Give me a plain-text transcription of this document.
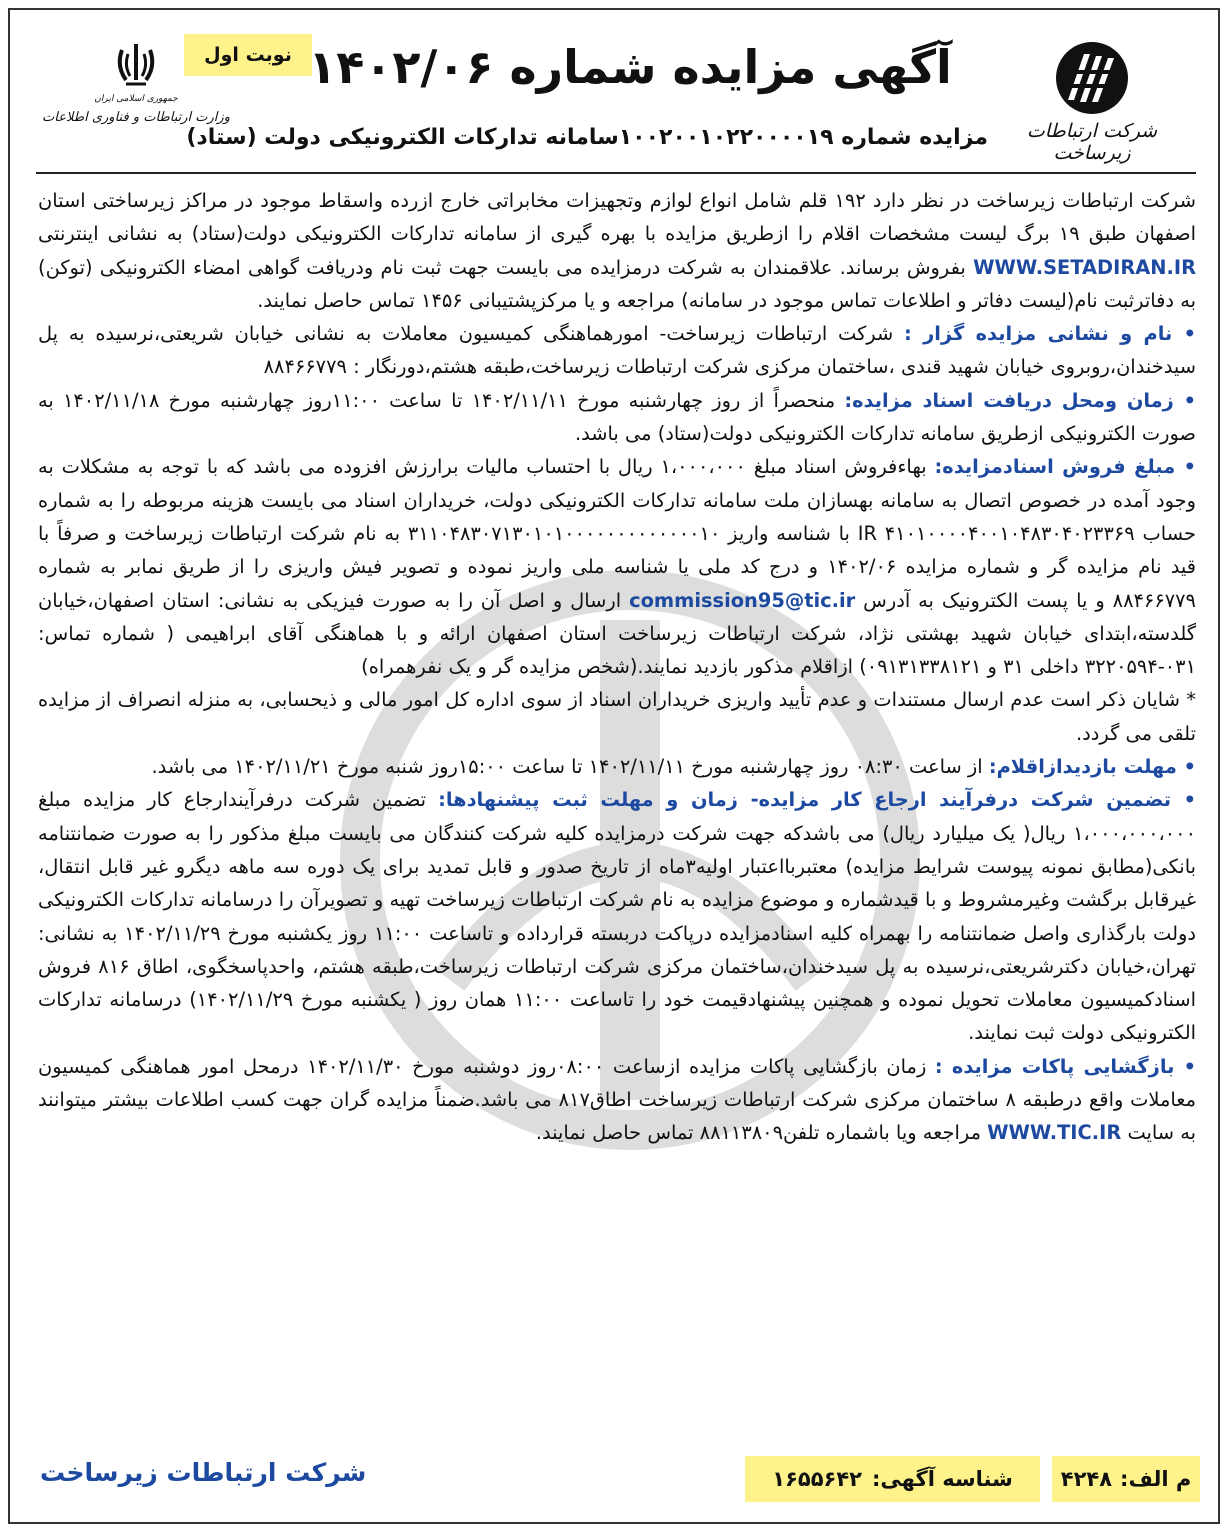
جمهوری اسلامی ایران
وزارت ارتباطات و فناوری اطلاعات
نوبت اول آگهی مزایده شماره ۱۴۰۲/۰۶
مزایده شماره ۱۰۰۲۰۰۱۰۲۲۰۰۰۰۱۹سامانه تدارکات الکترونیکی دولت (ستاد)	شرکت ارتباطات زیرساخت

شرکت ارتباطات زیرساخت در نظر دارد ۱۹۲ قلم شامل انواع لوازم وتجهیزات مخابراتی خارج ازرده واسقاط موجود در مراکز زیرساختی استان اصفهان طبق ۱۹ برگ لیست مشخصات اقلام را ازطریق مزایده با بهره گیری از سامانه تدارکات الکترونیکی دولت(ستاد) به نشانی اینترنتی WWW.SETADIRAN.IR بفروش برساند. علاقمندان به شرکت درمزایده می بایست جهت ثبت نام ودریافت گواهی امضاء الکترونیکی (توکن) به دفاترثبت نام(لیست دفاتر و اطلاعات تماس موجود در سامانه) مراجعه و یا مرکزپشتیبانی ۱۴۵۶ تماس حاصل نمایند.

• نام و نشانی مزایده گزار : شرکت ارتباطات زیرساخت- امورهماهنگی کمیسیون معاملات به نشانی خیابان شریعتی،نرسیده به پل سیدخندان،روبروی خیابان شهید قندی ،ساختمان مرکزی شرکت ارتباطات زیرساخت،طبقه هشتم،دورنگار : ۸۸۴۶۶۷۷۹

• زمان ومحل دریافت اسناد مزایده: منحصراً از روز چهارشنبه مورخ ۱۴۰۲/۱۱/۱۱ تا ساعت ۱۱:۰۰روز چهارشنبه مورخ ۱۴۰۲/۱۱/۱۸ به صورت الکترونیکی ازطریق سامانه تدارکات الکترونیکی دولت(ستاد) می باشد.

• مبلغ فروش اسنادمزایده: بهاءفروش اسناد مبلغ ۱،۰۰۰،۰۰۰ ریال با احتساب مالیات برارزش افزوده می باشد که با توجه به مشکلات به وجود آمده در خصوص اتصال به سامانه بهسازان ملت سامانه تدارکات الکترونیکی دولت، خریداران اسناد می بایست هزینه مربوطه را به شماره حساب IR ۴۱۰۱۰۰۰۰۴۰۰۱۰۴۸۳۰۴۰۲۳۳۶۹ با شناسه واریز ۳۱۱۰۴۸۳۰۷۱۳۰۱۰۱۰۰۰۰۰۰۰۰۰۰۰۰۰۱۰ به نام شرکت ارتباطات زیرساخت و صرفاً با قید نام مزایده گر و شماره مزایده ۱۴۰۲/۰۶ و درج کد ملی یا شناسه ملی واریز نموده و تصویر فیش واریزی را از طریق نمابر به شماره ۸۸۴۶۶۷۷۹ و یا پست الکترونیک به آدرس commission95@tic.ir ارسال و اصل آن را به صورت فیزیکی به نشانی: استان اصفهان،خیابان گلدسته،ابتدای خیابان شهید بهشتی نژاد، شرکت ارتباطات زیرساخت استان اصفهان ارائه و با هماهنگی آقای ابراهیمی ( شماره تماس: ۰۳۱-۳۲۲۰۵۹۴ داخلی ۳۱ و ۰۹۱۳۱۳۳۸۱۲۱) ازاقلام مذکور بازدید نمایند.(شخص مزایده گر و یک نفرهمراه)

* شایان ذکر است عدم ارسال مستندات و عدم تأیید واریزی خریداران اسناد از سوی اداره کل امور مالی و ذیحسابی، به منزله انصراف از مزایده تلقی می گردد.

• مهلت بازدیدازاقلام: از ساعت ۰۸:۳۰ روز چهارشنبه مورخ ۱۴۰۲/۱۱/۱۱ تا ساعت ۱۵:۰۰روز شنبه مورخ ۱۴۰۲/۱۱/۲۱ می باشد.

• تضمین شرکت درفرآیند ارجاع کار مزایده- زمان و مهلت ثبت پیشنهادها: تضمین شرکت درفرآیندارجاع کار مزایده مبلغ ۱،۰۰۰،۰۰۰،۰۰۰ ریال( یک میلیارد ریال) می باشدکه جهت شرکت درمزایده کلیه شرکت کنندگان می بایست مبلغ مذکور را به صورت ضمانتنامه بانکی(مطابق نمونه پیوست شرایط مزایده) معتبربااعتبار اولیه۳ماه از تاریخ صدور و قابل تمدید برای یک دوره سه ماهه دیگرو غیر قابل انتقال، غیرقابل برگشت وغیرمشروط و با قیدشماره و موضوع مزایده به نام شرکت ارتباطات زیرساخت تهیه و تصویرآن را درسامانه تدارکات الکترونیکی دولت بارگذاری واصل ضمانتنامه را بهمراه کلیه اسنادمزایده درپاکت دربسته قرارداده و تاساعت ۱۱:۰۰ روز یکشنبه مورخ ۱۴۰۲/۱۱/۲۹ به نشانی: تهران،خیابان دکترشریعتی،نرسیده به پل سیدخندان،ساختمان مرکزی شرکت ارتباطات زیرساخت،طبقه هشتم، واحدپاسخگوی، اطاق ۸۱۶ فروش اسنادکمیسیون معاملات تحویل نموده و همچنین پیشنهادقیمت خود را تاساعت ۱۱:۰۰ همان روز ( یکشنبه مورخ ۱۴۰۲/۱۱/۲۹) درسامانه تدارکات الکترونیکی دولت ثبت نمایند.

• بازگشایی پاکات مزایده : زمان بازگشایی پاکات مزایده ازساعت ۰۸:۰۰روز دوشنبه مورخ ۱۴۰۲/۱۱/۳۰ درمحل امور هماهنگی کمیسیون معاملات واقع درطبقه ۸ ساختمان مرکزی شرکت ارتباطات زیرساخت اطاق۸۱۷ می باشد.ضمناً مزایده گران جهت کسب اطلاعات بیشتر میتوانند به سایت WWW.TIC.IR مراجعه ویا باشماره تلفن۸۸۱۱۳۸۰۹ تماس حاصل نمایند.

شرکت ارتباطات زیرساخت	شناسه آگهی:
۱۶۵۵۶۴۲	م الف:
۴۲۴۸
